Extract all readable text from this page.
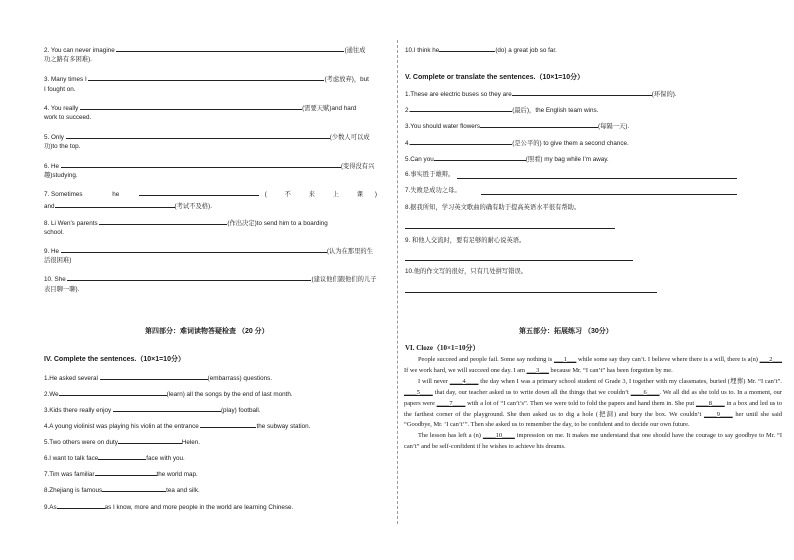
2. You can never imagine	(通往成
功之路有多困难).
3. Many times I	(考虑放弃)，but
I fought on.
4. You really	(需要天赋)and hard
work to succeed.
5. Only	(少数人可以成
功)to the top.
6. He	(变得没有兴
趣)studying.
7. Sometimes	he	(	不	来	上	课 )
and	(考试不及格).
8. Li Wen's parents	(作出决定)to send him to a boarding
school.
9. He	(认为在那里的生
活很困难)
10. She	(建议他们跟他们的儿子
表目聊一聊).
第四部分：难词读物答疑检查 （20 分）
IV. Complete the sentences.（10×1=10分）
1.He asked several	(embarrass) questions.
2.We	(learn) all the songs by the end of last month.
3.Kids there really enjoy	(play) football.
4.A young violinist was playing his violin at the entrance	the subway station.
5.Two others were on duty	Helen.
6.I want to talk face	face with you.
7.Tim was familiar	the world map.
8.Zhejiang is famous	tea and silk.
9.As	as I know, more and more people in the world are learning Chinese.
10.I think he	(do) a great job so far.
V. Complete or translate the sentences.（10×1=10分）
1.These are electric buses so they are	(环保的).
2.	(最后)，the English team wins.
3.You should water flowers	(每隔一天).
4.	(是公平的) to give them a second chance.
5.Can you	(照看) my bag while I'm away.
6.事实胜于雄辩。
7.失败是成功之母。
8.据我所知，学习英文歌曲的确有助于提高英语水平很有帮助。
9. 和他人交流时，要有足够的耐心说英语。
10.他的作文写的很好，只有几处拼写错误。
第五部分：拓展练习 （30分）
VI. Cloze（10×1=10分）

People succeed and people fail. Some say nothing is ___1___ while some say they can’t. I believe where there is a will, there is a(n) ___2___ If we work hard, we will succeed one day. I am ___3___ because Mr. “I can’t” has been forgotten by me.

I will never ____4____ the day when I was a primary school student of Grade 3, I together with my classmates, buried (埋葬) Mr. “I can’t”. ____5____ that day, our teacher asked us to write down all the things that we couldn’t ____6____. We all did as she told us to. In a moment, our papers were ____7____ with a lot of “I can’t’s”. Then we were told to fold the papers and hand them in. She put ____8____ in a box and led us to the farthest corner of the playground. She then asked us to dig a hole (把洞) and bury the box. We couldn’t ____9____ her until she said “Goodbye, Mr. ‘I can’t’”. Then she asked us to remember the day, to be confident and to decide our own future.

The lesson has left a (n) ____10____ impression on me. It makes me understand that one should have the courage to say goodbye to Mr. “I can’t” and be self-confident if he wishes to achieve his dreams.
